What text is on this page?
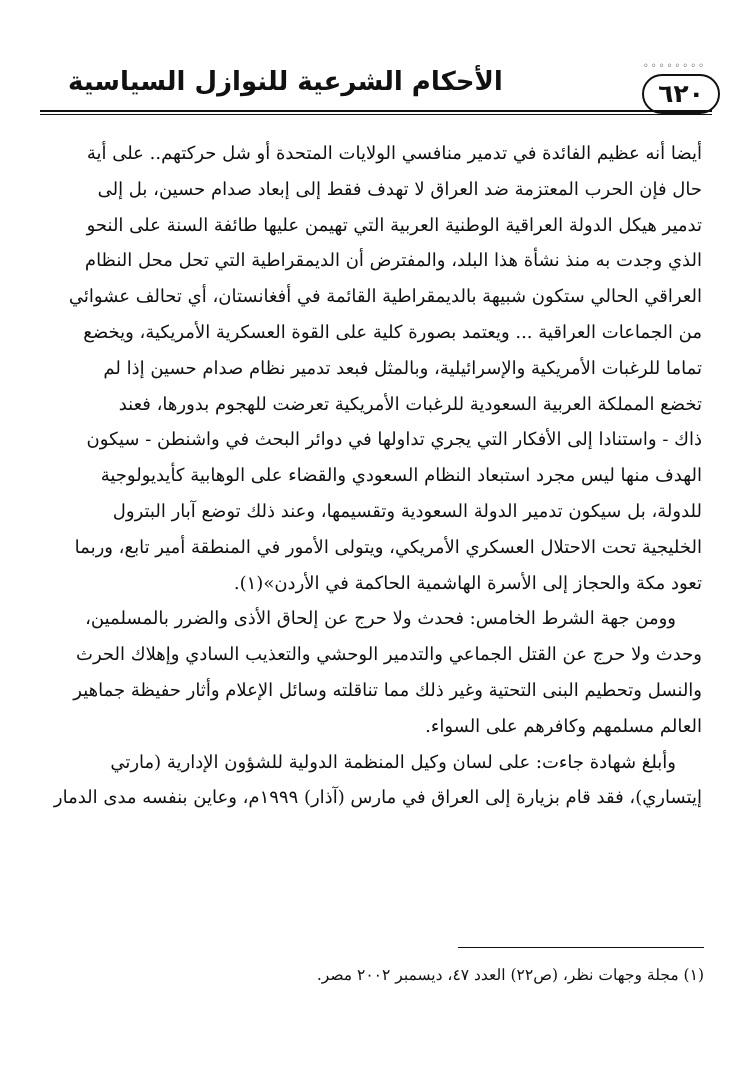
الأحكام الشرعية للنوازل السياسية	٦٢٠
◦◦◦◦◦◦◦◦
أيضا أنه عظيم الفائدة في تدمير منافسي الولايات المتحدة أو شل حركتهم.. على أية
حال فإن الحرب المعتزمة ضد العراق لا تهدف فقط إلى إبعاد صدام حسين، بل إلى
تدمير هيكل الدولة العراقية الوطنية العربية التي تهيمن عليها طائفة السنة على النحو
الذي وجدت به منذ نشأة هذا البلد، والمفترض أن الديمقراطية التي تحل محل النظام
العراقي الحالي ستكون شبيهة بالديمقراطية القائمة في أفغانستان، أي تحالف عشوائي
من الجماعات العراقية ... ويعتمد بصورة كلية على القوة العسكرية الأمريكية، ويخضع
تماما للرغبات الأمريكية والإسرائيلية، وبالمثل فبعد تدمير نظام صدام حسين إذا لم
تخضع المملكة العربية السعودية للرغبات الأمريكية تعرضت للهجوم بدورها، فعند
ذاك - واستنادا إلى الأفكار التي يجري تداولها في دوائر البحث في واشنطن - سيكون
الهدف منها ليس مجرد استبعاد النظام السعودي والقضاء على الوهابية كأيديولوجية
للدولة، بل سيكون تدمير الدولة السعودية وتقسيمها، وعند ذلك توضع آبار البترول
الخليجية تحت الاحتلال العسكري الأمريكي، ويتولى الأمور في المنطقة أمير تابع، وربما
تعود مكة والحجاز إلى الأسرة الهاشمية الحاكمة في الأردن»(١).
وومن جهة الشرط الخامس: فحدث ولا حرج عن إلحاق الأذى والضرر بالمسلمين،
وحدث ولا حرج عن القتل الجماعي والتدمير الوحشي والتعذيب السادي وإهلاك الحرث
والنسل وتحطيم البنى التحتية وغير ذلك مما تناقلته وسائل الإعلام وأثار حفيظة جماهير
العالم مسلمهم وكافرهم على السواء.
وأبلغ شهادة جاءت: على لسان وكيل المنظمة الدولية للشؤون الإدارية (مارتي
إيتساري)، فقد قام بزيارة إلى العراق في مارس (آذار) ١٩٩٩م، وعاين بنفسه مدى الدمار
(١) مجلة وجهات نظر، (ص٢٢) العدد ٤٧، ديسمبر ٢٠٠٢ مصر.
